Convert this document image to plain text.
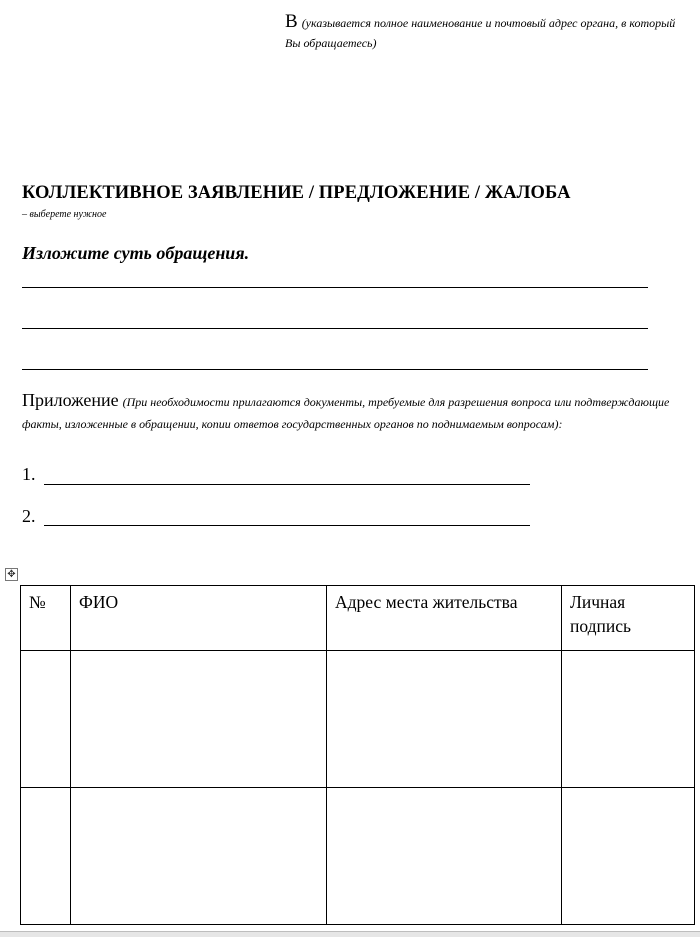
В (указывается полное наименование и почтовый адрес органа, в который Вы обращаетесь)
КОЛЛЕКТИВНОЕ ЗАЯВЛЕНИЕ / ПРЕДЛОЖЕНИЕ / ЖАЛОБА
– выберете нужное
Изложите суть обращения.
Приложение (При необходимости прилагаются документы, требуемые для разрешения вопроса или подтверждающие факты, изложенные в обращении, копии ответов государственных органов по поднимаемым вопросам):
1.
2.
✥
№	ФИО	Адрес места жительства	Личная подпись
